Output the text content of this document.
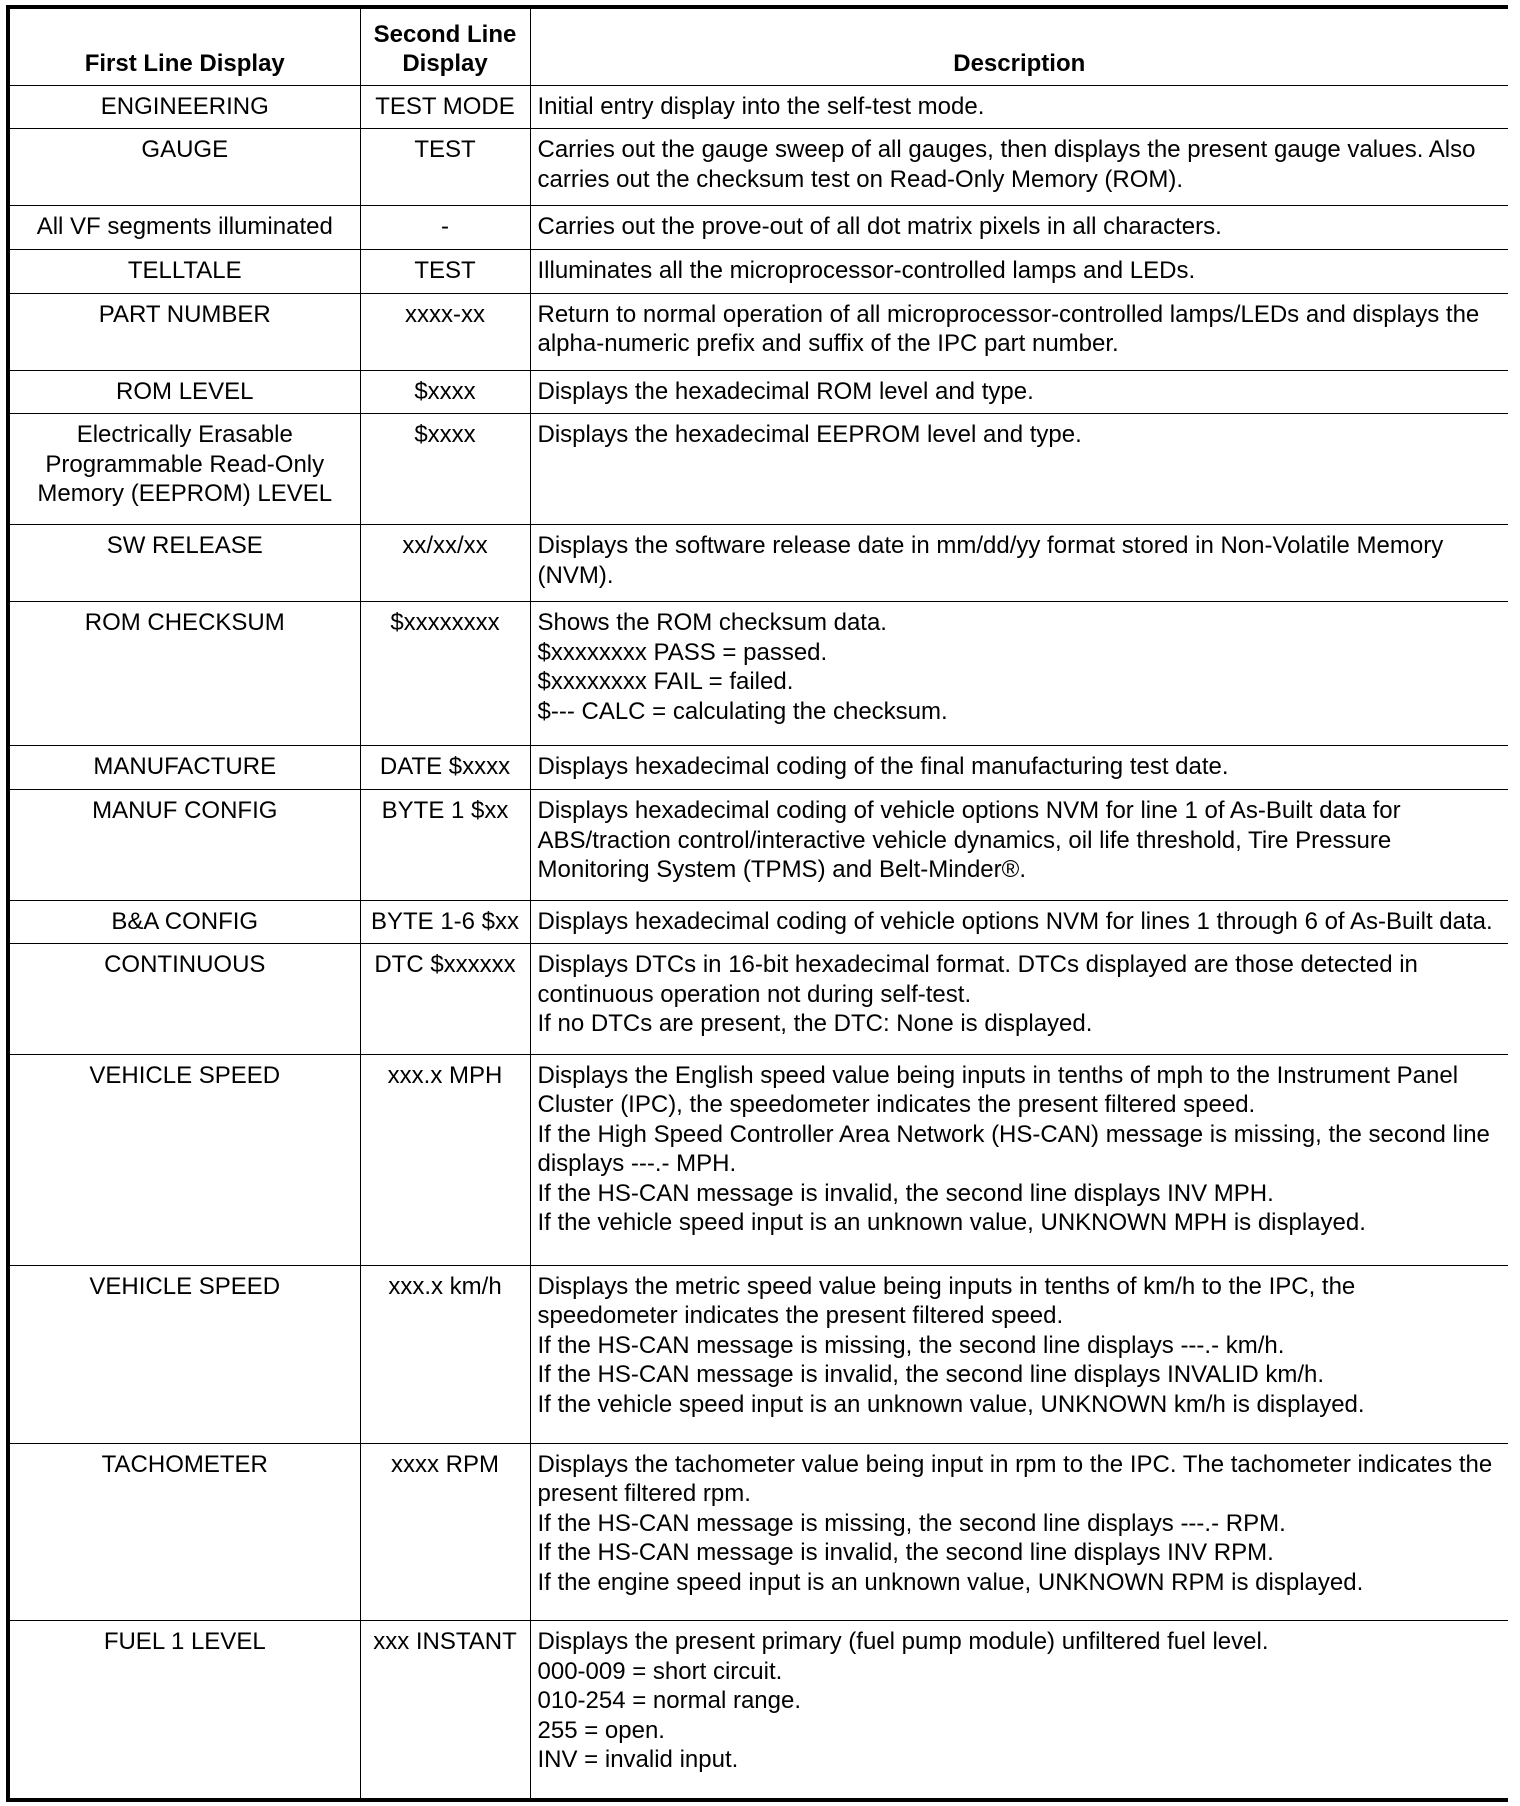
First Line Display	Second Line Display	Description
ENGINEERING	TEST MODE	Initial entry display into the self-test mode.
GAUGE	TEST	Carries out the gauge sweep of all gauges, then displays the present gauge values. Also carries out the checksum test on Read-Only Memory (ROM).
All VF segments illuminated	-	Carries out the prove-out of all dot matrix pixels in all characters.
TELLTALE	TEST	Illuminates all the microprocessor-controlled lamps and LEDs.
PART NUMBER	xxxx-xx	Return to normal operation of all microprocessor-controlled lamps/LEDs and displays the alpha-numeric prefix and suffix of the IPC part number.
ROM LEVEL	$xxxx	Displays the hexadecimal ROM level and type.
Electrically Erasable Programmable Read-Only Memory (EEPROM) LEVEL	$xxxx	Displays the hexadecimal EEPROM level and type.
SW RELEASE	xx/xx/xx	Displays the software release date in mm/dd/yy format stored in Non-Volatile Memory (NVM).
ROM CHECKSUM	$xxxxxxxx	Shows the ROM checksum data.
$xxxxxxxx PASS = passed.
$xxxxxxxx FAIL = failed.
$--- CALC = calculating the checksum.

MANUFACTURE	DATE $xxxx	Displays hexadecimal coding of the final manufacturing test date.
MANUF CONFIG	BYTE 1 $xx	Displays hexadecimal coding of vehicle options NVM for line 1 of As-Built data for ABS/traction control/interactive vehicle dynamics, oil life threshold, Tire Pressure Monitoring System (TPMS) and Belt-Minder®.
B&A CONFIG	BYTE 1-6 $xx	Displays hexadecimal coding of vehicle options NVM for lines 1 through 6 of As-Built data.
CONTINUOUS	DTC $xxxxxx	Displays DTCs in 16-bit hexadecimal format. DTCs displayed are those detected in continuous operation not during self-test.
If no DTCs are present, the DTC: None is displayed.

VEHICLE SPEED	xxx.x MPH	Displays the English speed value being inputs in tenths of mph to the Instrument Panel Cluster (IPC), the speedometer indicates the present filtered speed.
If the High Speed Controller Area Network (HS-CAN) message is missing, the second line displays ---.- MPH.
If the HS-CAN message is invalid, the second line displays INV MPH.
If the vehicle speed input is an unknown value, UNKNOWN MPH is displayed.

VEHICLE SPEED	xxx.x km/h	Displays the metric speed value being inputs in tenths of km/h to the IPC, the speedometer indicates the present filtered speed.
If the HS-CAN message is missing, the second line displays ---.- km/h.
If the HS-CAN message is invalid, the second line displays INVALID km/h.
If the vehicle speed input is an unknown value, UNKNOWN km/h is displayed.

TACHOMETER	xxxx RPM	Displays the tachometer value being input in rpm to the IPC. The tachometer indicates the present filtered rpm.
If the HS-CAN message is missing, the second line displays ---.- RPM.
If the HS-CAN message is invalid, the second line displays INV RPM.
If the engine speed input is an unknown value, UNKNOWN RPM is displayed.

FUEL 1 LEVEL	xxx INSTANT	Displays the present primary (fuel pump module) unfiltered fuel level.
000-009 = short circuit.
010-254 = normal range.
255 = open.
INV = invalid input.
